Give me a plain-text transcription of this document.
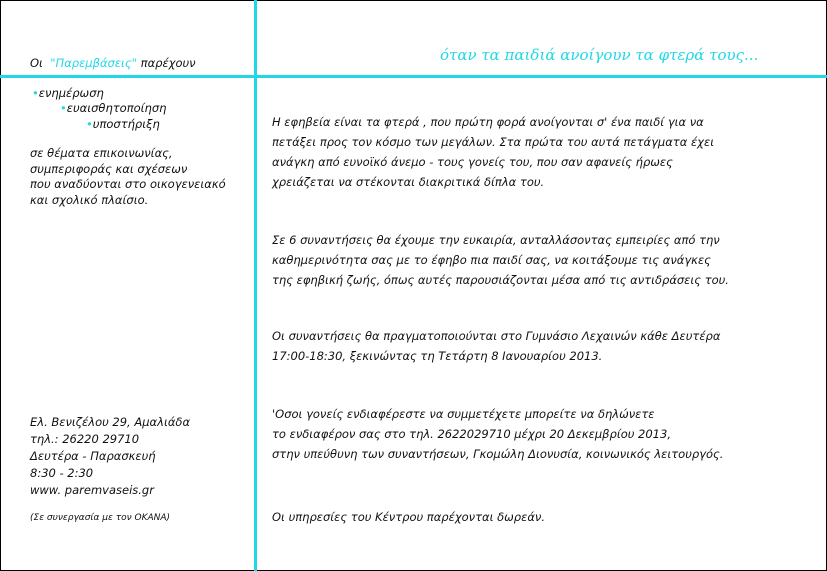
όταν τα παιδιά ανοίγουν τα φτερά τους...

Οι "Παρεμβάσεις" παρέχουν

•ενημέρωση
•ευαισθητοποίηση
•υποστήριξη
σε θέματα επικοινωνίας,
συμπεριφοράς και σχέσεων
που αναδύονται στο οικογενειακό
και σχολικό πλαίσιο.
Ελ. Βενιζέλου 29, Αμαλιάδα
τηλ.: 26220 29710
Δευτέρα - Παρασκευή
8:30 - 2:30
www. paremvaseis.gr
(Σε συνεργασία με τον ΟΚΑΝΑ)
Η εφηβεία είναι τα φτερά , που πρώτη φορά ανοίγονται σ' ένα παιδί για να
πετάξει προς τον κόσμο των μεγάλων. Στα πρώτα του αυτά πετάγματα έχει
ανάγκη από ευνοϊκό άνεμο - τους γονείς του, που σαν αφανείς ήρωες
χρειάζεται να στέκονται διακριτικά δίπλα του.
Σε 6 συναντήσεις θα έχουμε την ευκαιρία, ανταλλάσοντας εμπειρίες από την
καθημερινότητα σας με το έφηβο πια παιδί σας, να κοιτάξουμε τις ανάγκες
της εφηβική ζωής, όπως αυτές παρουσιάζονται μέσα από τις αντιδράσεις του.
Οι συναντήσεις θα πραγματοποιούνται στο Γυμνάσιο Λεχαινών κάθε Δευτέρα
17:00-18:30, ξεκινώντας τη Τετάρτη 8 Ιανουαρίου 2013.
'Οσοι γονείς ενδιαφέρεστε να συμμετέχετε μπορείτε να δηλώνετε
το ενδιαφέρον σας στο τηλ. 2622029710 μέχρι 20 Δεκεμβρίου 2013,
στην υπεύθυνη των συναντήσεων, Γκομώλη Διονυσία, κοινωνικός λειτουργός.
Οι υπηρεσίες του Κέντρου παρέχονται δωρεάν.
